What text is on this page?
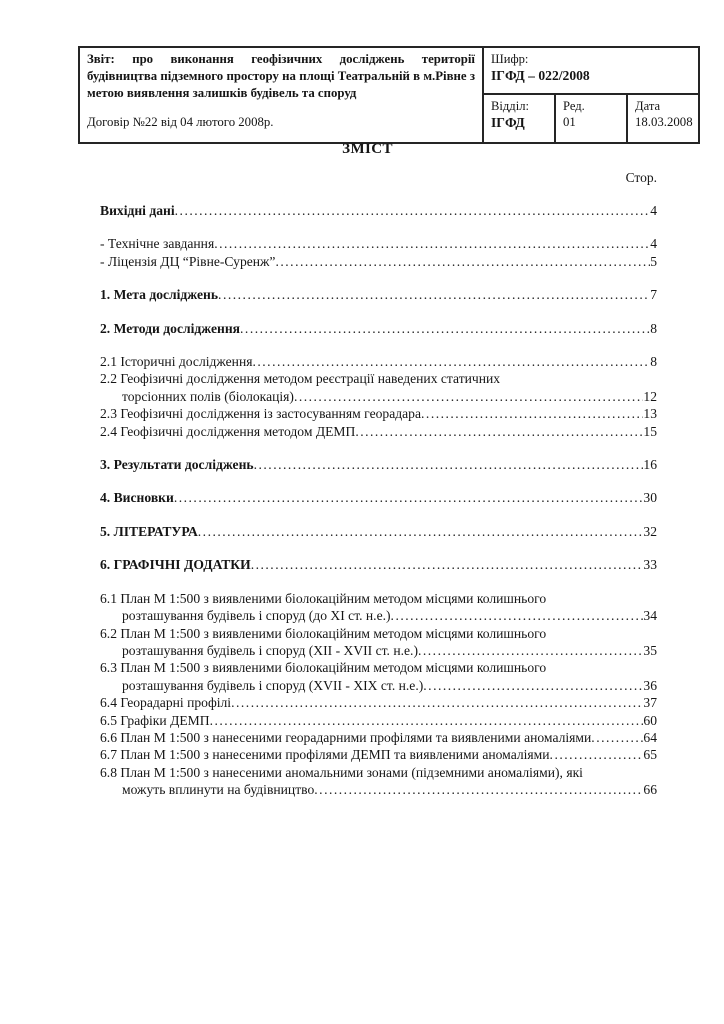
Звіт: про виконання геофізичних досліджень території будівництва підземного простору на площі Театральній в м.Рівне з метою виявлення залишків будівель та споруд
Договір №22 від 04 лютого 2008р.

Шифр:
ІГФД – 022/2008

Відділ:
ІГФД

Ред.
01

Дата
18.03.2008
ЗМІСТ
Стор.
Вихідні дані .....	4
- Технічне завдання .....	4
- Ліцензія ДЦ “Рівне-Суренж” .....	5
1. Мета досліджень .....	7
2. Методи дослідження .....	8
2.1 Історичні дослідження .....	8
2.2 Геофізичні дослідження методом реєстрації наведених статичних
торсіонних полів (біолокація) .....	12
2.3 Геофізичні дослідження із застосуванням георадара .....	13
2.4 Геофізичні дослідження методом ДЕМП .....	15
3. Результати досліджень .....	16
4. Висновки .....	30
5. ЛІТЕРАТУРА .....	32
6. ГРАФІЧНІ ДОДАТКИ .....	33
6.1 План М 1:500 з виявленими біолокаційним методом місцями колишнього
розташування будівель і споруд (до XI ст. н.е.) .....	34
6.2 План М 1:500 з виявленими біолокаційним методом місцями колишнього
розташування будівель і споруд (XII - XVII ст. н.е.) .....	35
6.3 План М 1:500 з виявленими біолокаційним методом місцями колишнього
розташування будівель і споруд (XVII - XIX ст. н.е.) .....	36
6.4 Георадарні профілі .....	37
6.5 Графіки ДЕМП .....	60
6.6 План М 1:500 з нанесеними георадарними профілями та виявленими аномаліями .....	64
6.7 План М 1:500 з нанесеними профілями ДЕМП та виявленими аномаліями .....	65
6.8 План М 1:500 з нанесеними аномальними зонами (підземними аномаліями), які
можуть вплинути на будівництво .....	66
